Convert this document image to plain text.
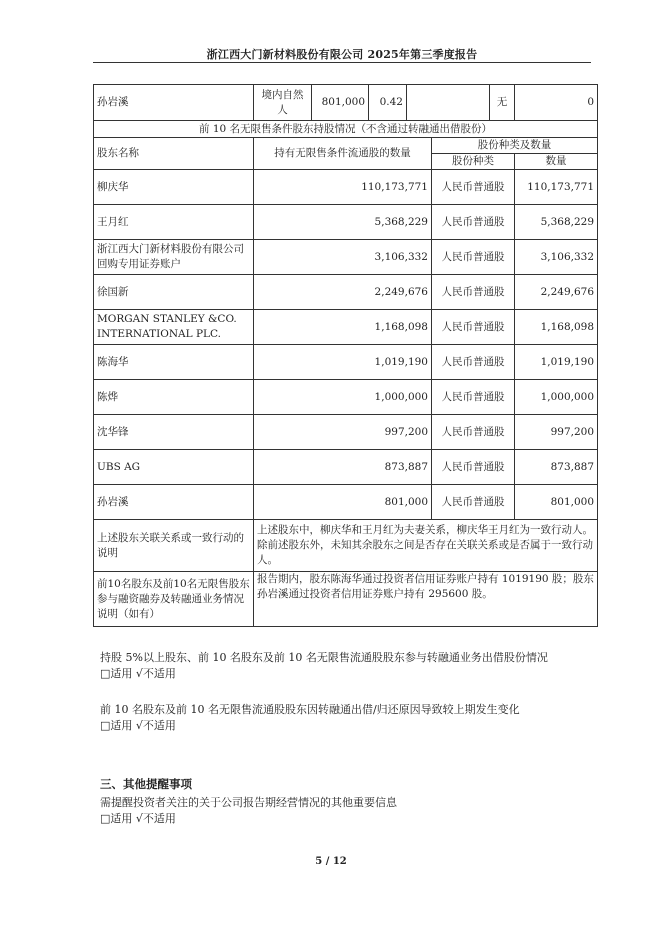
浙江西大门新材料股份有限公司 2025年第三季度报告
孙岩溪	境内自然人	801,000	0.42		无	0
前 10 名无限售条件股东持股情况（不含通过转融通出借股份）			
股东名称	持有无限售条件流通股的数量	股份种类及数量	
		股份种类	数量
柳庆华	110,173,771	人民币普通股	110,173,771
王月红	5,368,229	人民币普通股	5,368,229
浙江西大门新材料股份有限公司回购专用证券账户	3,106,332	人民币普通股	3,106,332
徐国新	2,249,676	人民币普通股	2,249,676
MORGAN STANLEY &CO. INTERNATIONAL PLC.	1,168,098	人民币普通股	1,168,098
陈海华	1,019,190	人民币普通股	1,019,190
陈烨	1,000,000	人民币普通股	1,000,000
沈华锋	997,200	人民币普通股	997,200
UBS AG	873,887	人民币普通股	873,887
孙岩溪	801,000	人民币普通股	801,000
上述股东关联关系或一致行动的说明	上述股东中，柳庆华和王月红为夫妻关系，柳庆华王月红为一致行动人。除前述股东外，未知其余股东之间是否存在关联关系或是否属于一致行动人。		
前10名股东及前10名无限售股东参与融资融券及转融通业务情况说明（如有）	报告期内，股东陈海华通过投资者信用证券账户持有 1019190 股；股东孙岩溪通过投资者信用证券账户持有 295600 股。		
持股 5%以上股东、前 10 名股东及前 10 名无限售流通股股东参与转融通业务出借股份情况
□适用 √不适用
前 10 名股东及前 10 名无限售流通股股东因转融通出借/归还原因导致较上期发生变化
□适用 √不适用
三、其他提醒事项
需提醒投资者关注的关于公司报告期经营情况的其他重要信息
□适用 √不适用
5 / 12
